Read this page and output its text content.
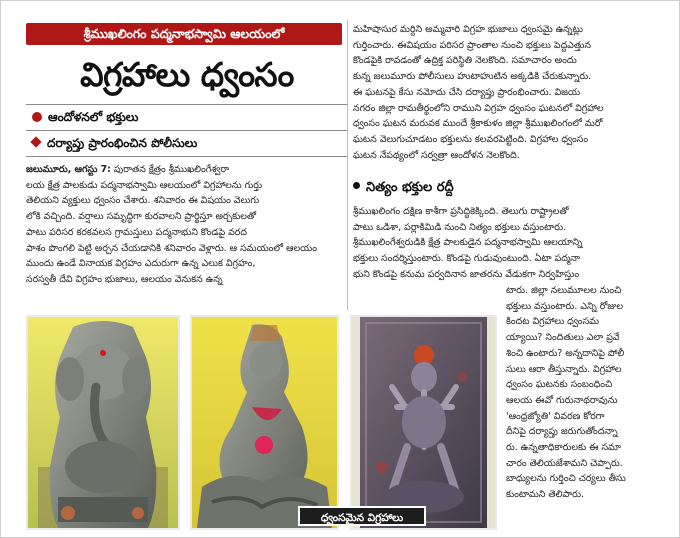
శ్రీముఖలింగం పద్మనాభస్వామి ఆలయంలో
విగ్రహాలు ధ్వంసం
ఆందోళనలో భక్తులు
దర్యాప్తు ప్రారంభించిన పోలీసులు
జలుమూరు, ఆగస్టు 7: పురాతన క్షేత్రం శ్రీముఖలింగేశ్వరా
లయ క్షేత్ర పాలకుడు పద్మనాభస్వామి ఆలయంలో విగ్రహాలను గుర్తు
తెలియని వ్యక్తులు ధ్వంసం చేశారు. శనివారం ఈ విషయం వెలుగు
లోకి వచ్చింది. వర్షాలు సమృద్ధిగా కురవాలని ప్రార్థిస్తూ అర్చకులతో
పాటు పరిసర కరకవలస గ్రామస్తులు పద్మనాభుని కొండపై వరద
పాశం పొంగలి పెట్టి అర్చన చేయడానికి శనివారం వెళ్లారు. ఆ సమయంలో ఆలయం
ముందు ఉండే వినాయక విగ్రహం ఎదురుగా ఉన్న ఎలుక విగ్రహం,
సరస్వతీ దేవి విగ్రహం భుజాలు, ఆలయం వెనుకన ఉన్న
మహిషాసుర మర్దిని అమ్మవారి విగ్రహ భుజాలు ధ్వంసమై ఉన్నట్లు
గుర్తించారు. ఈవిషయం పరిసర ప్రాంతాల నుంచి భక్తులు పెద్దఎత్తున
కొండపైకి రావడంతో ఉద్రిక్త పరిస్థితి నెలకొంది. సమాచారం అందు
కున్న జలుమూరు పోలీసులు హుటాహుటిన అక్కడికి చేరుకున్నారు.
ఈ ఘటనపై కేసు నమోదు చేసి దర్యాప్తు ప్రారంభించారు. విజయ
నగరం జిల్లా రామతీర్థంలోని రాముని విగ్రహ ధ్వంసం ఘటనలో విగ్రహాల
ధ్వంసం ఘటన మరువక ముందే శ్రీకాకుళం జిల్లా శ్రీముఖలింగంలో మరో
ఘటన వెలుగుచూడటం భక్తులను కలవరపెట్టింది. విగ్రహాల ధ్వంసం
ఘటన నేపథ్యంలో సర్వత్రా ఆందోళన నెలకొంది.
నిత్యం భక్తుల రద్దీ
శ్రీముఖలింగం దక్షిణ కాశీగా ప్రసిద్ధికెక్కింది. తెలుగు రాష్ట్రాలతో
పాటు ఒడిశా, పర్లాకిమిడి నుంచి నిత్యం భక్తులు వస్తుంటారు.
శ్రీముఖలింగేశ్వరుడికి క్షేత్ర పాలకుడైన పద్మనాభస్వామి ఆలయాన్ని
భక్తులు సందర్శిస్తుంటారు. కొండపై గుడువుంటుంది. ఏటా పద్మనా
భుని కొండపై కనుమ పర్వదినాన జాతరను వేడుకగా నిర్వహిస్తుం
టారు. జిల్లా నలుమూలల నుంచి
భక్తులు వస్తుంటారు. ఎన్ని రోజుల
కిందట విగ్రహాలు ధ్వంసమ
య్యాయి? నిందితులు ఎలా ప్రవే
శించి ఉంటారు? అన్నదానిపై పోలీ
సులు ఆరా తీస్తున్నారు. విగ్రహాల
ధ్వంసం ఘటనకు సంబంధించి
ఆలయ ఈవో గురునాథరావును
'ఆంధ్రజ్యోతి' వివరణ కోరగా
దీనిపై దర్యాప్తు జరుగుతోందన్నా
రు. ఉన్నతాధికారులకు ఈ సమా
చారం తెలియజేశామని చెప్పారు.
బాధ్యులను గుర్తించి చర్యలు తీసు
కుంటామని తెలిపారు.
ధ్వంసమైన విగ్రహాలు
